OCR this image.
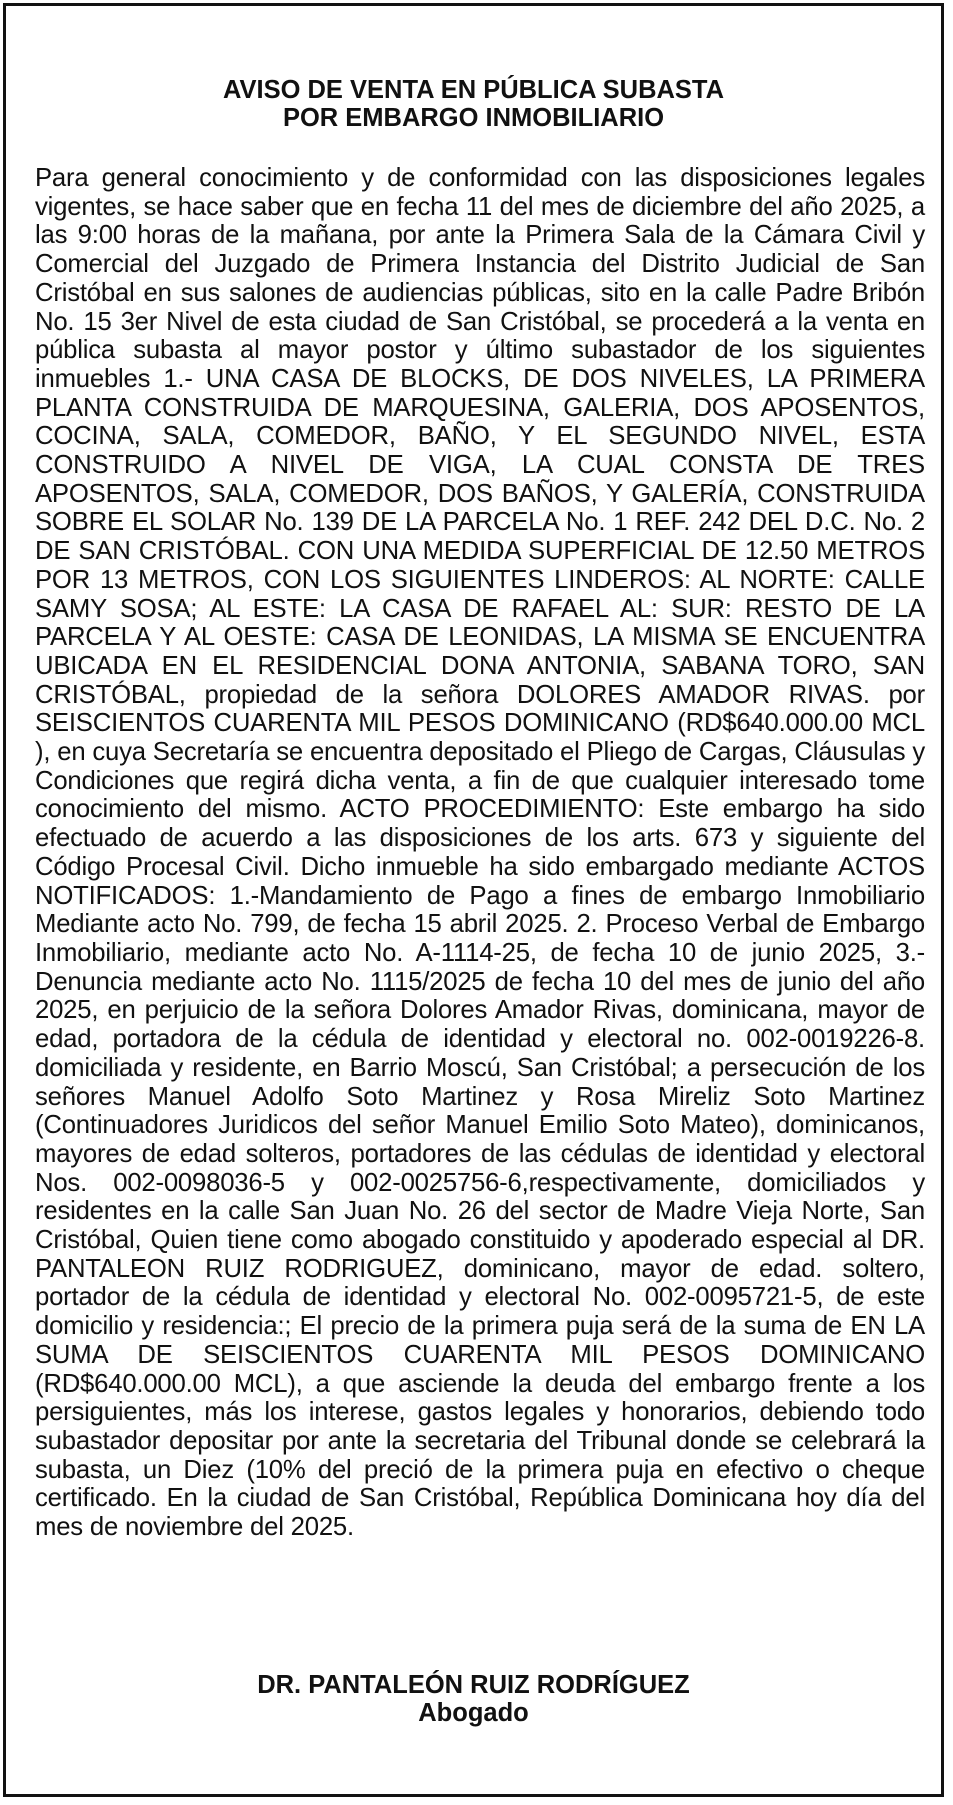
AVISO DE VENTA EN PÚBLICA SUBASTA
POR EMBARGO INMOBILIARIO

Para general conocimiento y de conformidad con las disposiciones legales vigentes, se hace saber que en fecha 11 del mes de diciembre del año 2025, a las 9:00 horas de la mañana, por ante la Primera Sala de la Cámara Civil y Comercial del Juzgado de Primera Instancia del Distrito Judicial de San Cristóbal en sus salones de audiencias públicas, sito en la calle Padre Bribón No. 15 3er Nivel de esta ciudad de San Cristóbal, se procederá a la venta en pública subasta al mayor postor y último subastador de los siguientes inmuebles 1.- UNA CASA DE BLOCKS, DE DOS NIVELES, LA PRIMERA PLANTA CONSTRUIDA DE MARQUESINA, GALERIA, DOS APOSENTOS, COCINA, SALA, COMEDOR, BAÑO, Y EL SEGUNDO NIVEL, ESTA CONSTRUIDO A NIVEL DE VIGA, LA CUAL CONSTA DE TRES APOSENTOS, SALA, COMEDOR, DOS BAÑOS, Y GALERÍA, CONSTRUIDA SOBRE EL SOLAR No. 139 DE LA PARCELA No. 1 REF. 242 DEL D.C. No. 2 DE SAN CRISTÓBAL. CON UNA MEDIDA SUPERFICIAL DE 12.50 METROS POR 13 METROS, CON LOS SIGUIENTES LINDEROS: AL NORTE: CALLE SAMY SOSA; AL ESTE: LA CASA DE RAFAEL AL: SUR: RESTO DE LA PARCELA Y AL OESTE: CASA DE LEONIDAS, LA MISMA SE ENCUENTRA UBICADA EN EL RESIDENCIAL DONA ANTONIA, SABANA TORO, SAN CRISTÓBAL, propiedad de la señora DOLORES AMADOR RIVAS. por SEISCIENTOS CUARENTA MIL PESOS DOMINICANO (RD$640.000.00 MCL ), en cuya Secretaría se encuentra depositado el Pliego de Cargas, Cláusulas y Condiciones que regirá dicha venta, a fin de que cualquier interesado tome conocimiento del mismo. ACTO PROCEDIMIENTO: Este embargo ha sido efectuado de acuerdo a las disposiciones de los arts. 673 y siguiente del Código Procesal Civil. Dicho inmueble ha sido embargado mediante ACTOS NOTIFICADOS: 1.-Mandamiento de Pago a fines de embargo Inmobiliario Mediante acto No. 799, de fecha 15 abril 2025. 2. Proceso Verbal de Embargo Inmobiliario, mediante acto No. A-1114-25, de fecha 10 de junio 2025, 3.- Denuncia mediante acto No. 1115/2025 de fecha 10 del mes de junio del año 2025, en perjuicio de la señora Dolores Amador Rivas, dominicana, mayor de edad, portadora de la cédula de identidad y electoral no. 002-0019226-8. domiciliada y residente, en Barrio Moscú, San Cristóbal; a persecución de los señores Manuel Adolfo Soto Martinez y Rosa Mireliz Soto Martinez (Continuadores Juridicos del señor Manuel Emilio Soto Mateo), dominicanos, mayores de edad solteros, portadores de las cédulas de identidad y electoral Nos. 002-0098036-5 y 002-0025756-6,respectivamente, domiciliados y residentes en la calle San Juan No. 26 del sector de Madre Vieja Norte, San Cristóbal, Quien tiene como abogado constituido y apoderado especial al DR. PANTALEON RUIZ RODRIGUEZ, dominicano, mayor de edad. soltero, portador de la cédula de identidad y electoral No. 002-0095721-5, de este domicilio y residencia:; El precio de la primera puja será de la suma de EN LA SUMA DE SEISCIENTOS CUARENTA MIL PESOS DOMINICANO (RD$640.000.00 MCL), a que asciende la deuda del embargo frente a los persiguientes, más los interese, gastos legales y honorarios, debiendo todo subastador depositar por ante la secretaria del Tribunal donde se celebrará la subasta, un Diez (10% del preció de la primera puja en efectivo o cheque certificado. En la ciudad de San Cristóbal, República Dominicana hoy día del mes de noviembre del 2025.

DR. PANTALEÓN RUIZ RODRÍGUEZ
Abogado
